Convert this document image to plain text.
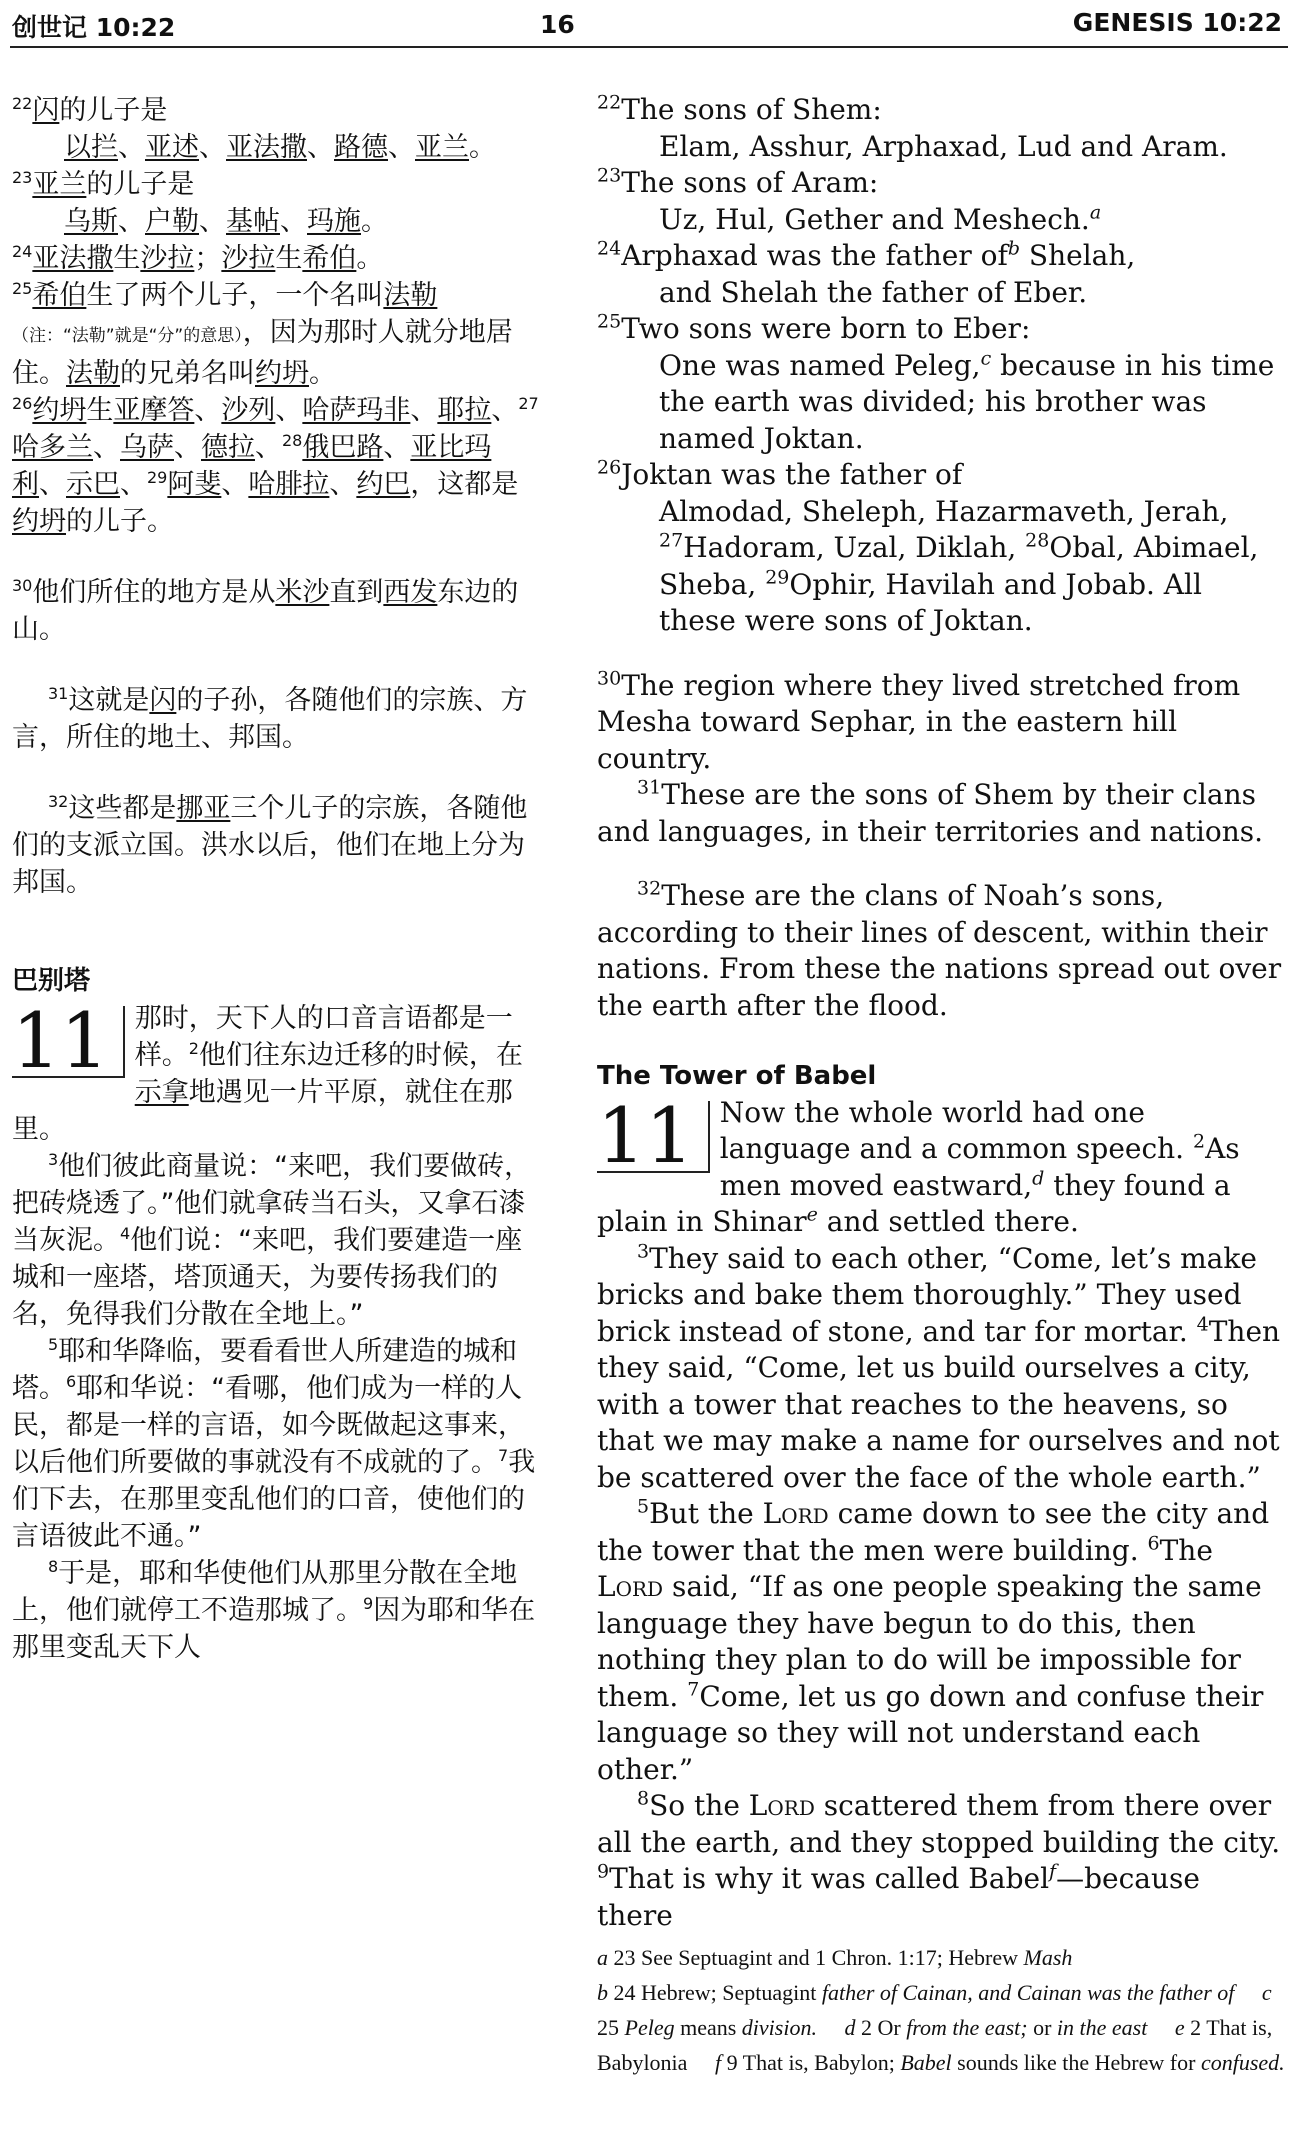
创世记 10:22	16	GENESIS 10:22

$^{22}$闪的儿子是

以拦、亚述、亚法撒、路德、亚兰。

$^{23}$亚兰的儿子是

乌斯、户勒、基帖、玛施。

$^{24}$亚法撒生沙拉；沙拉生希伯。

$^{25}$希伯生了两个儿子，一个名叫法勒
（注：“法勒”就是“分”的意思），因为那时人就分地居住。法勒的兄弟名叫约坍。

$^{26}$约坍生亚摩答、沙列、哈萨玛非、耶拉、$^{27}$哈多兰、乌萨、德拉、$^{28}$俄巴路、亚比玛利、示巴、$^{29}$阿斐、哈腓拉、约巴，这都是约坍的儿子。

$^{30}$他们所住的地方是从米沙直到西发东边的山。

$^{31}$这就是闪的子孙，各随他们的宗族、方言，所住的地土、邦国。

$^{32}$这些都是挪亚三个儿子的宗族，各随他们的支派立国。洪水以后，他们在地上分为邦国。

巴别塔

11 那时，天下人的口音言语都是一样。$^2$他们往东边迁移的时候，在示拿地遇见一片平原，就住在那里。

$^3$他们彼此商量说：“来吧，我们要做砖，把砖烧透了。”他们就拿砖当石头，又拿石漆当灰泥。$^4$他们说：“来吧，我们要建造一座城和一座塔，塔顶通天，为要传扬我们的名，免得我们分散在全地上。”

$^5$耶和华降临，要看看世人所建造的城和塔。$^6$耶和华说：“看哪，他们成为一样的人民，都是一样的言语，如今既做起这事来，以后他们所要做的事就没有不成就的了。$^7$我们下去，在那里变乱他们的口音，使他们的言语彼此不通。”

$^8$于是，耶和华使他们从那里分散在全地上，他们就停工不造那城了。$^9$因为耶和华在那里变乱天下人

$^{22}$The sons of Shem:

Elam, Asshur, Arphaxad, Lud and Aram.

$^{23}$The sons of Aram:

Uz, Hul, Gether and Meshech.$^a$

$^{24}$Arphaxad was the father $of^b$ Shelah,

and Shelah the father of Eber.

$^{25}$Two sons were born to Eber:

One was named Peleg,$^c$ because in his time the earth was divided; his brother was named Joktan.

$^{26}$Joktan was the father of

Almodad, Sheleph, Hazarmaveth, Jerah, $^{27}$Hadoram, Uzal, Diklah, $^{28}$Obal, Abimael, Sheba, $^{29}$Ophir, Havilah and Jobab. All these were sons of Joktan.

$^{30}$The region where they lived stretched from Mesha toward Sephar, in the eastern hill country.

$^{31}$These are the sons of Shem by their clans and languages, in their territories and nations.

$^{32}$These are the clans of Noah’s sons, according to their lines of descent, within their nations. From these the nations spread out over the earth after the flood.

The Tower of Babel

11 Now the whole world had one language and a common speech. $^2$As men moved eastward,$^d$ they found a plain in Shinar$^e$ and settled there.

$^3$They said to each other, “Come, let’s make bricks and bake them thoroughly.” They used brick instead of stone, and tar for mortar. $^4$Then they said, “Come, let us build ourselves a city, with a tower that reaches to the heavens, so that we may make a name for ourselves and not be scattered over the face of the whole earth.”

$^5$But the Lord came down to see the city and the tower that the men were building. $^6$The Lord said, “If as one people speaking the same language they have begun to do this, then nothing they plan to do will be impossible for them. $^7$Come, let us go down and confuse their language so they will not understand each other.”

$^8$So the Lord scattered them from there over all the earth, and they stopped building the city. $^9$That is why it was called Babel$^f$—because there

a 23 See Septuagint and 1 Chron. 1:17; Hebrew Mash
b 24 Hebrew; Septuagint father of Cainan, and Cainan was the father of c 25 Peleg means division. d 2 Or from the east; or in the east e 2 That is, Babylonia f 9 That is, Babylon; Babel sounds like the Hebrew for confused.
